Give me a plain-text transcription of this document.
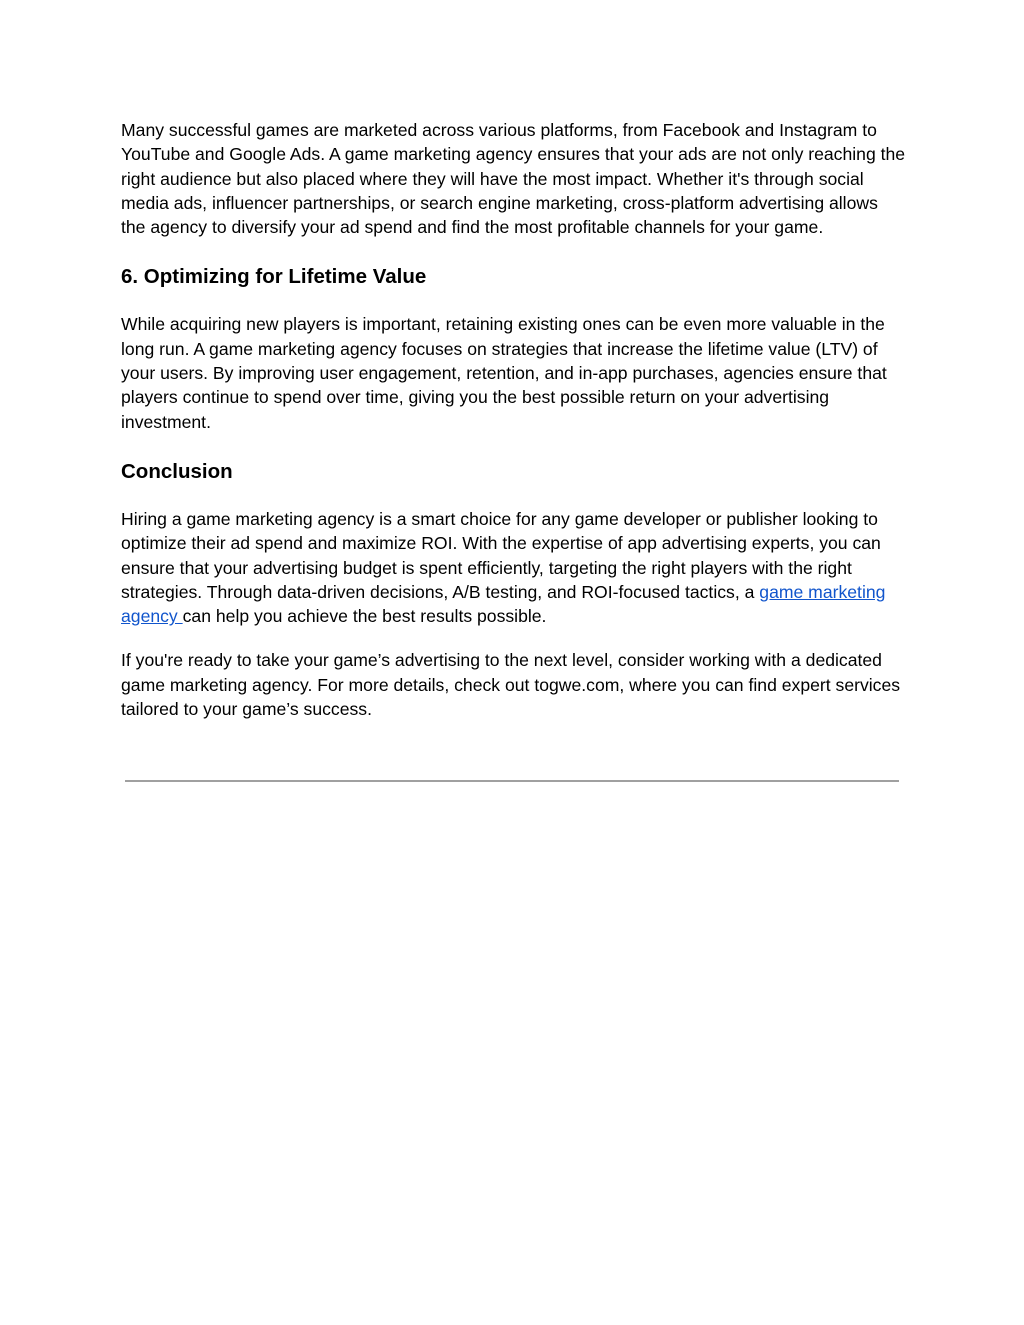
Many successful games are marketed across various platforms, from Facebook and Instagram to YouTube and Google Ads. A game marketing agency ensures that your ads are not only reaching the right audience but also placed where they will have the most impact. Whether it's through social media ads, influencer partnerships, or search engine marketing, cross-platform advertising allows the agency to diversify your ad spend and find the most profitable channels for your game.

6. Optimizing for Lifetime Value

While acquiring new players is important, retaining existing ones can be even more valuable in the long run. A game marketing agency focuses on strategies that increase the lifetime value (LTV) of your users. By improving user engagement, retention, and in-app purchases, agencies ensure that players continue to spend over time, giving you the best possible return on your advertising investment.

Conclusion

Hiring a game marketing agency is a smart choice for any game developer or publisher looking to optimize their ad spend and maximize ROI. With the expertise of app advertising experts, you can ensure that your advertising budget is spent efficiently, targeting the right players with the right strategies. Through data-driven decisions, A/B testing, and ROI-focused tactics, a game marketing agency can help you achieve the best results possible.

If you're ready to take your game’s advertising to the next level, consider working with a dedicated game marketing agency. For more details, check out togwe.com, where you can find expert services tailored to your game’s success.
